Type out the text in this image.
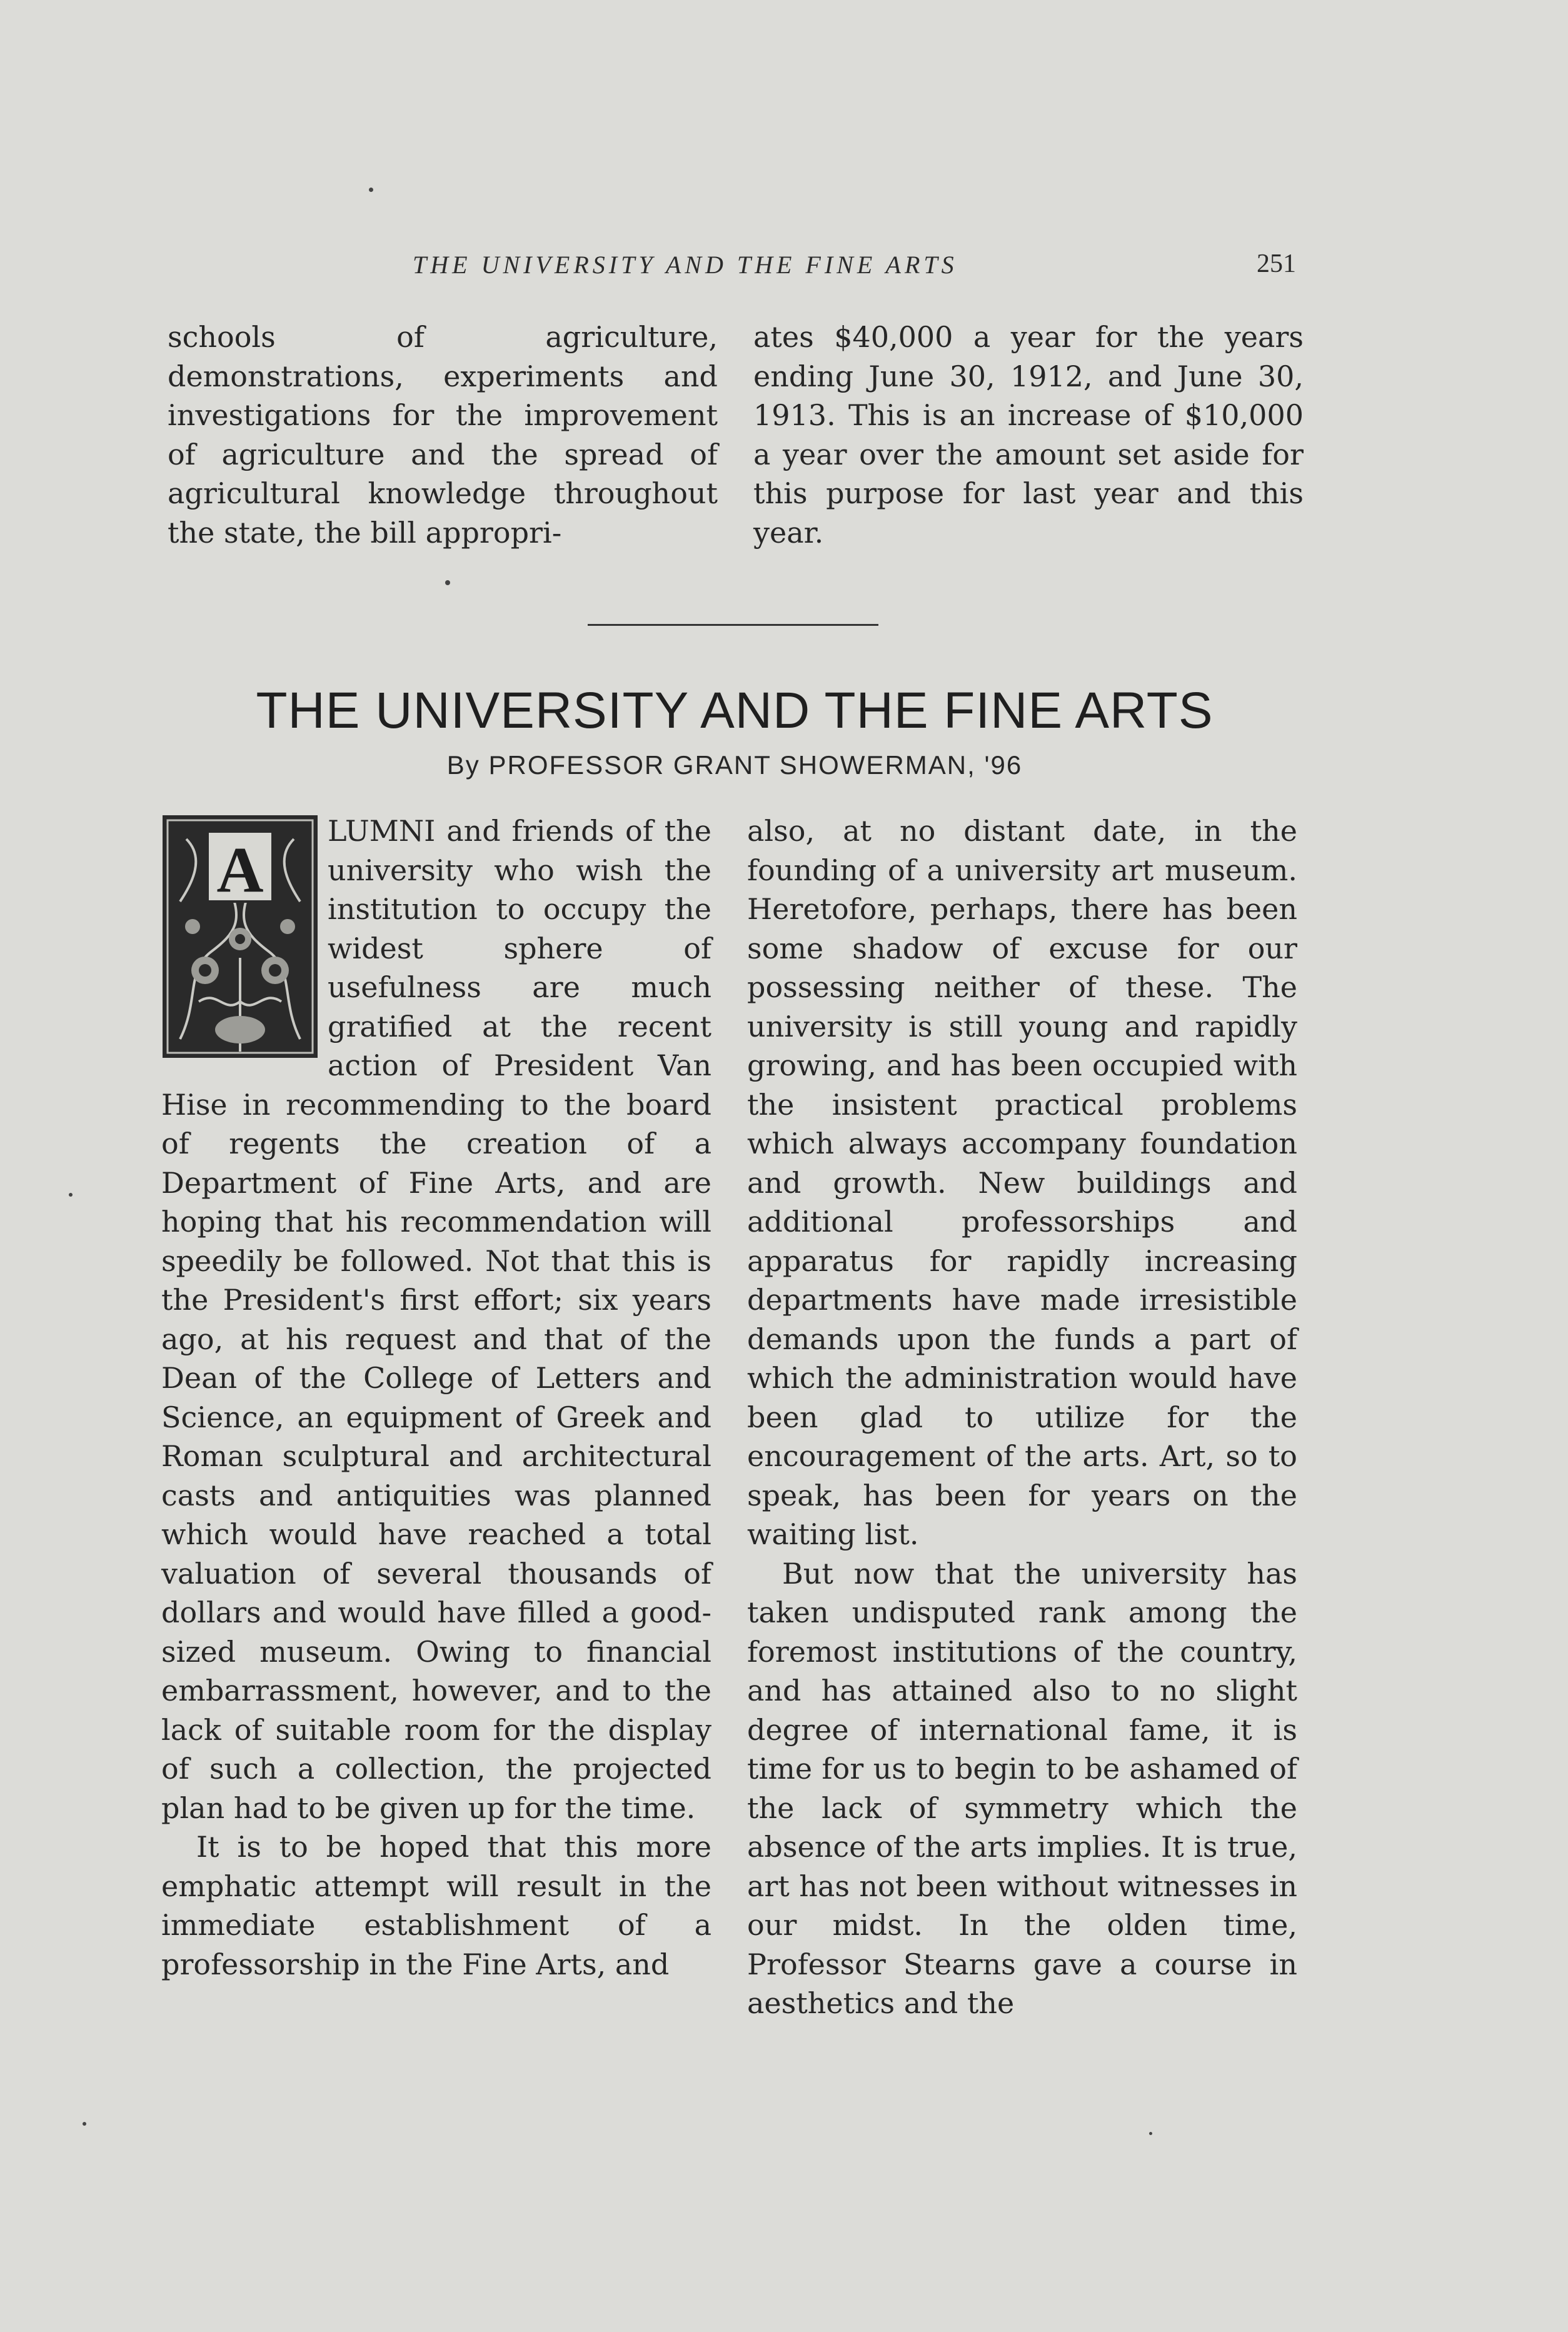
THE UNIVERSITY AND THE FINE ARTS	251

schools of agriculture, demonstrations, experiments and investigations for the improvement of agriculture and the spread of agricultural knowledge throughout the state, the bill appropri-

ates $40,000 a year for the years ending June 30, 1912, and June 30, 1913. This is an increase of $10,000 a year over the amount set aside for this purpose for last year and this year.

THE UNIVERSITY AND THE FINE ARTS
By PROFESSOR GRANT SHOWERMAN, '96
A

LUMNI and friends of the university who wish the institution to occupy the widest sphere of usefulness are much gratified at the recent action of President Van Hise in recommending to the board of regents the creation of a Department of Fine Arts, and are hoping that his recommendation will speedily be followed. Not that this is the President's first effort; six years ago, at his request and that of the Dean of the College of Letters and Science, an equipment of Greek and Roman sculptural and architectural casts and antiquities was planned which would have reached a total valuation of several thousands of dollars and would have filled a good-sized museum. Owing to financial embarrassment, however, and to the lack of suitable room for the display of such a collection, the projected plan had to be given up for the time.

It is to be hoped that this more emphatic attempt will result in the immediate establishment of a professorship in the Fine Arts, and

also, at no distant date, in the founding of a university art museum. Heretofore, perhaps, there has been some shadow of excuse for our possessing neither of these. The university is still young and rapidly growing, and has been occupied with the insistent practical problems which always accompany foundation and growth. New buildings and additional professorships and apparatus for rapidly increasing departments have made irresistible demands upon the funds a part of which the administration would have been glad to utilize for the encouragement of the arts. Art, so to speak, has been for years on the waiting list.

But now that the university has taken undisputed rank among the foremost institutions of the country, and has attained also to no slight degree of international fame, it is time for us to begin to be ashamed of the lack of symmetry which the absence of the arts implies. It is true, art has not been without witnesses in our midst. In the olden time, Professor Stearns gave a course in aesthetics and the
